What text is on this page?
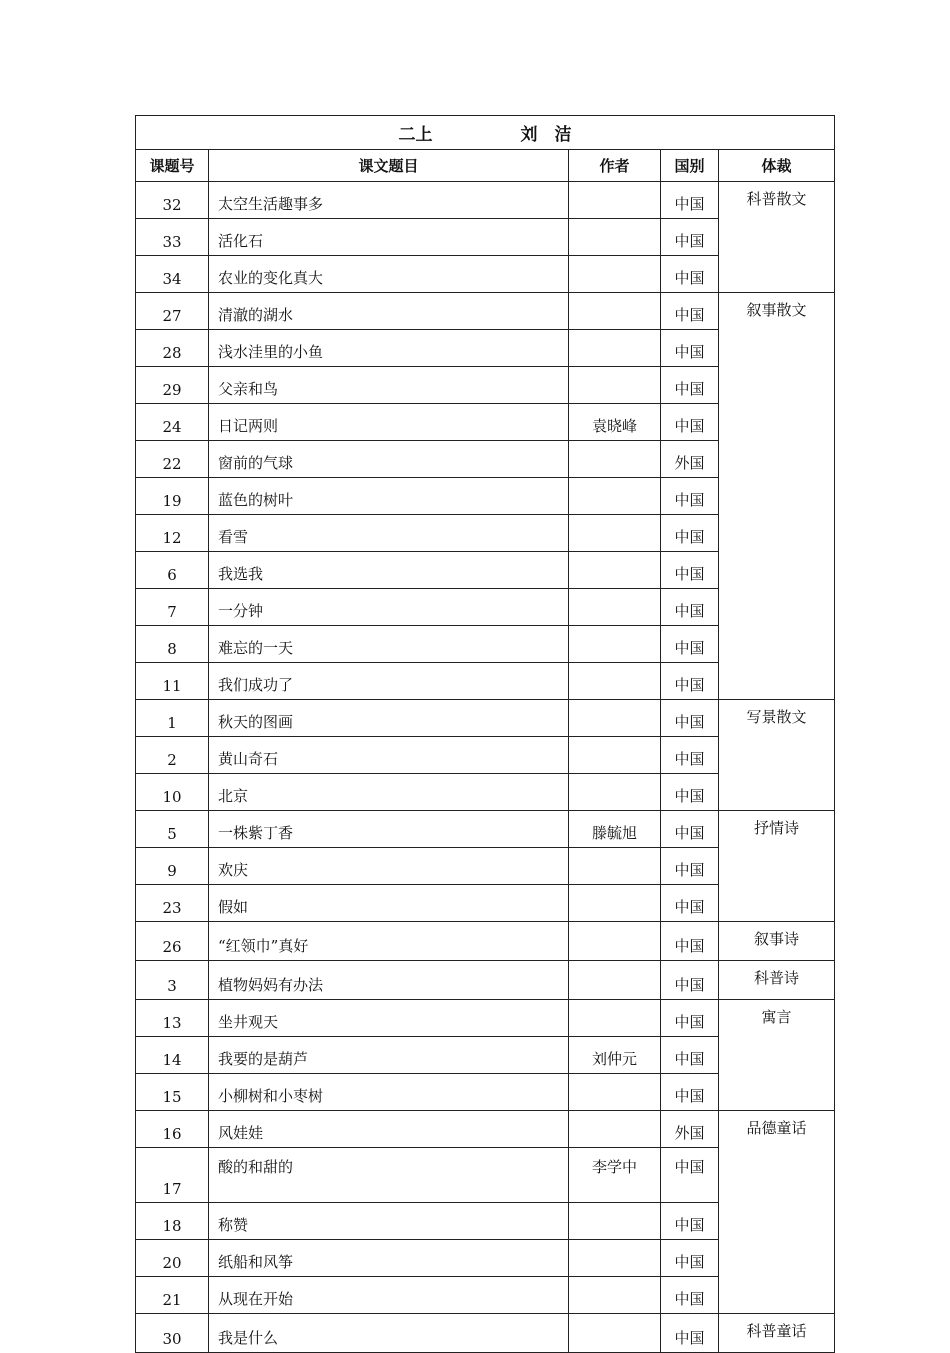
二上 刘　洁				
课题号	课文题目	作者	国别	体裁
32	太空生活趣事多		中国	科普散文
33	活化石		中国	
34	农业的变化真大		中国	
27	清澈的湖水		中国	叙事散文
28	浅水洼里的小鱼		中国	
29	父亲和鸟		中国	
24	日记两则	袁晓峰	中国	
22	窗前的气球		外国	
19	蓝色的树叶		中国	
12	看雪		中国	
6	我选我		中国	
7	一分钟		中国	
8	难忘的一天		中国	
11	我们成功了		中国	
1	秋天的图画		中国	写景散文
2	黄山奇石		中国	
10	北京		中国	
5	一株紫丁香	滕毓旭	中国	抒情诗
9	欢庆		中国	
23	假如		中国	
26	“红领巾”真好		中国	叙事诗
3	植物妈妈有办法		中国	科普诗
13	坐井观天		中国	寓言
14	我要的是葫芦	刘仲元	中国	
15	小柳树和小枣树		中国	
16	风娃娃		外国	品德童话
17	酸的和甜的	李学中	中国	
18	称赞		中国	
20	纸船和风筝		中国	
21	从现在开始		中国	
30	我是什么		中国	科普童话
